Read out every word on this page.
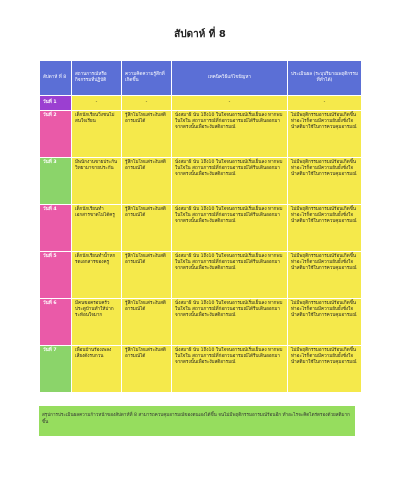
สัปดาห์ ที่ 8
สัปดาห์ ที่ 8	สถานการณ์หรือกิจกรรมที่ปฏิบัติ	ความคิดความรู้สึกที่เกิดขึ้น	เทคนิควิธีแก้ไขปัญหา	ประเมินผล (ระบุปริมาณพฤติกรรมที่ทำได้)
วันที่ 1	-	-	-	-
วันที่ 2	เด็กนักเรียนวิ่งชนไม่สนใจเรียน	รู้สึกโมโหแต่ระงับสติอารมณ์ได้	นั่งสมาธิ นับ 1ถึง10 ในใจจนอารมณ์เริ่มเย็นลง หากพบในใจใน สถานการณ์ที่ก่อกวนอารมณ์ได้รีบเดินออกมาจากตรงนั้นเพื่อระงับสติอารมณ์	ไม่มีพฤติกรรมอารมณ์ร้อนเกิดขึ้น ท่าอะไรก็ตามมีความยับยั้งชั่งใจนำสติมาใช้ในการควบคุมอารมณ์
วันที่ 3	มีพนักงานขายประกันวิทยามาขายประกัน	รู้สึกโมโหแต่ระงับสติอารมณ์ได้	นั่งสมาธิ นับ 1ถึง10 ในใจจนอารมณ์เริ่มเย็นลง หากพบในใจใน สถานการณ์ที่ก่อกวนอารมณ์ได้รีบเดินออกมาจากตรงนั้นเพื่อระงับสติอารมณ์	ไม่มีพฤติกรรมอารมณ์ร้อนเกิดขึ้น ท่าอะไรก็ตามมีความยับยั้งชั่งใจนำสติมาใช้ในการควบคุมอารมณ์
วันที่ 4	เด็กนักเรียนทำเอกสารขาดไม่ได้ครู	รู้สึกโมโหแต่ระงับสติอารมณ์ได้	นั่งสมาธิ นับ 1ถึง10 ในใจจนอารมณ์เริ่มเย็นลง หากพบในใจใน สถานการณ์ที่ก่อกวนอารมณ์ได้รีบเดินออกมาจากตรงนั้นเพื่อระงับสติอารมณ์	ไม่มีพฤติกรรมอารมณ์ร้อนเกิดขึ้น ท่าอะไรก็ตามมีความยับยั้งชั่งใจนำสติมาใช้ในการควบคุมอารมณ์
วันที่ 5	เด็กนักเรียนทำน้ำหกรดเอกสารของครู	รู้สึกโมโหแต่ระงับสติอารมณ์ได้	นั่งสมาธิ นับ 1ถึง10 ในใจจนอารมณ์เริ่มเย็นลง หากพบในใจใน สถานการณ์ที่ก่อกวนอารมณ์ได้รีบเดินออกมาจากตรงนั้นเพื่อระงับสติอารมณ์	ไม่มีพฤติกรรมอารมณ์ร้อนเกิดขึ้น ท่าอะไรก็ตามมีความยับยั้งชั่งใจนำสติมาใช้ในการควบคุมอารมณ์
วันที่ 6	มีคนขอครอบครัวประตูบ้านทำให้ปากระท้อนใจมาก	รู้สึกโมโหแต่ระงับสติอารมณ์ได้	นั่งสมาธิ นับ 1ถึง10 ในใจจนอารมณ์เริ่มเย็นลง หากพบในใจใน สถานการณ์ที่ก่อกวนอารมณ์ได้รีบเดินออกมาจากตรงนั้นเพื่อระงับสติอารมณ์	ไม่มีพฤติกรรมอารมณ์ร้อนเกิดขึ้น ท่าอะไรก็ตามมีความยับยั้งชั่งใจนำสติมาใช้ในการควบคุมอารมณ์
วันที่ 7	เพื่อนบ้านร้องเพลงเสียงดังรบกวน	รู้สึกโมโหแต่ระงับสติอารมณ์ได้	นั่งสมาธิ นับ 1ถึง10 ในใจจนอารมณ์เริ่มเย็นลง หากพบในใจใน สถานการณ์ที่ก่อกวนอารมณ์ได้รีบเดินออกมาจากตรงนั้นเพื่อระงับสติอารมณ์	ไม่มีพฤติกรรมอารมณ์ร้อนเกิดขึ้น ท่าอะไรก็ตามมีความยับยั้งชั่งใจนำสติมาใช้ในการควบคุมอารมณ์
สรุปการประเมินผลความก้าวหน้าของสัปดาห์ที่ 8 สามารถควบคุมอารมณ์ของตนเองได้ขึ้น จนไม่มีพฤติกรรมอารมณ์ร้อนอีก ทำอะไรจะคิดไตร่ตรองด้วยสติมากขึ้น
